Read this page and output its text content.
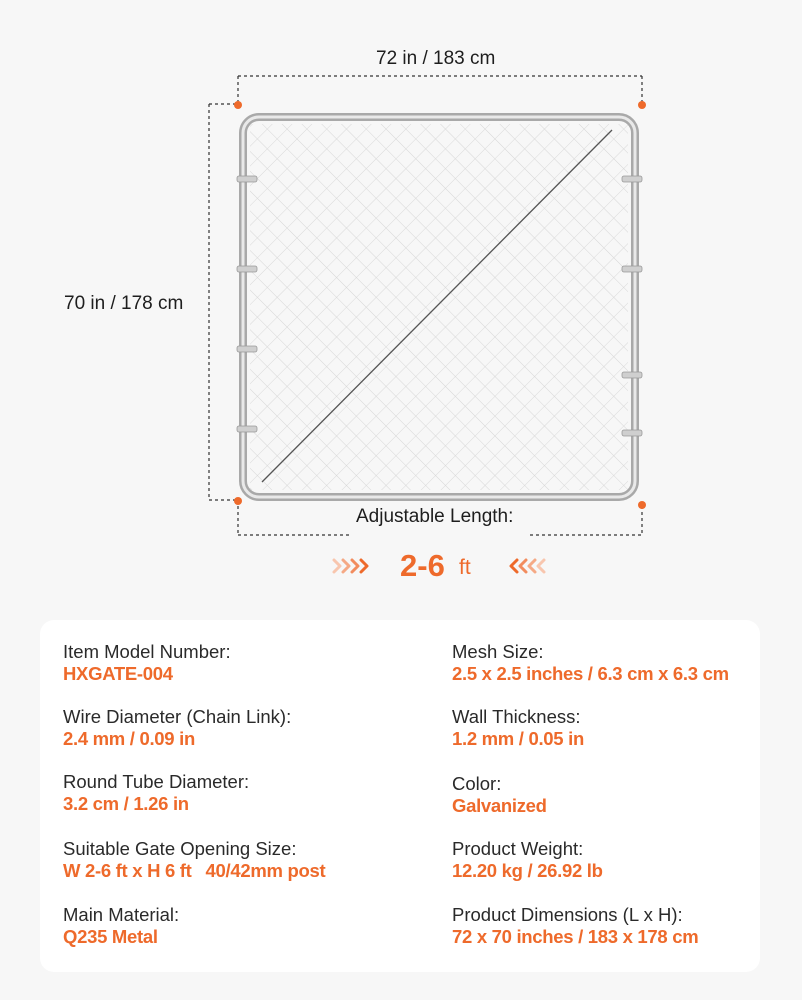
72 in / 183 cm
70 in / 178 cm
Adjustable Length:
2-6 ft
Item Model Number:
HXGATE-004
Wire Diameter (Chain Link):
2.4 mm / 0.09 in
Round Tube Diameter:
3.2 cm / 1.26 in
Suitable Gate Opening Size:
W 2-6 ft x H 6 ft 40/42mm post
Main Material:
Q235 Metal
Mesh Size:
2.5 x 2.5 inches / 6.3 cm x 6.3 cm
Wall Thickness:
1.2 mm / 0.05 in
Color:
Galvanized
Product Weight:
12.20 kg / 26.92 lb
Product Dimensions (L x H):
72 x 70 inches / 183 x 178 cm
